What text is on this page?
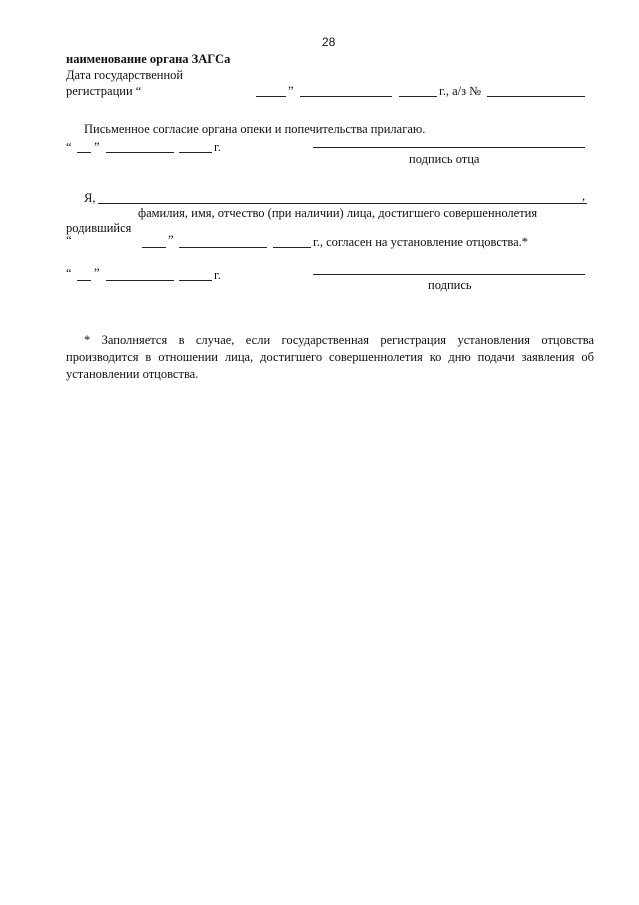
28
наименование органа ЗАГСа
Дата государственной
регистрации “	”	г., а/з №
Письменное согласие органа опеки и попечительства прилагаю.
“ ”	г.
подпись отца
Я,	,
фамилия, имя, отчество (при наличии) лица, достигшего совершеннолетия
родившийся
“	”	г., согласен на установление отцовства.*
“ ”	г.
подпись
* Заполняется в случае, если государственная регистрация установления отцовства производится в отношении лица, достигшего совершеннолетия ко дню подачи заявления об установлении отцовства.
